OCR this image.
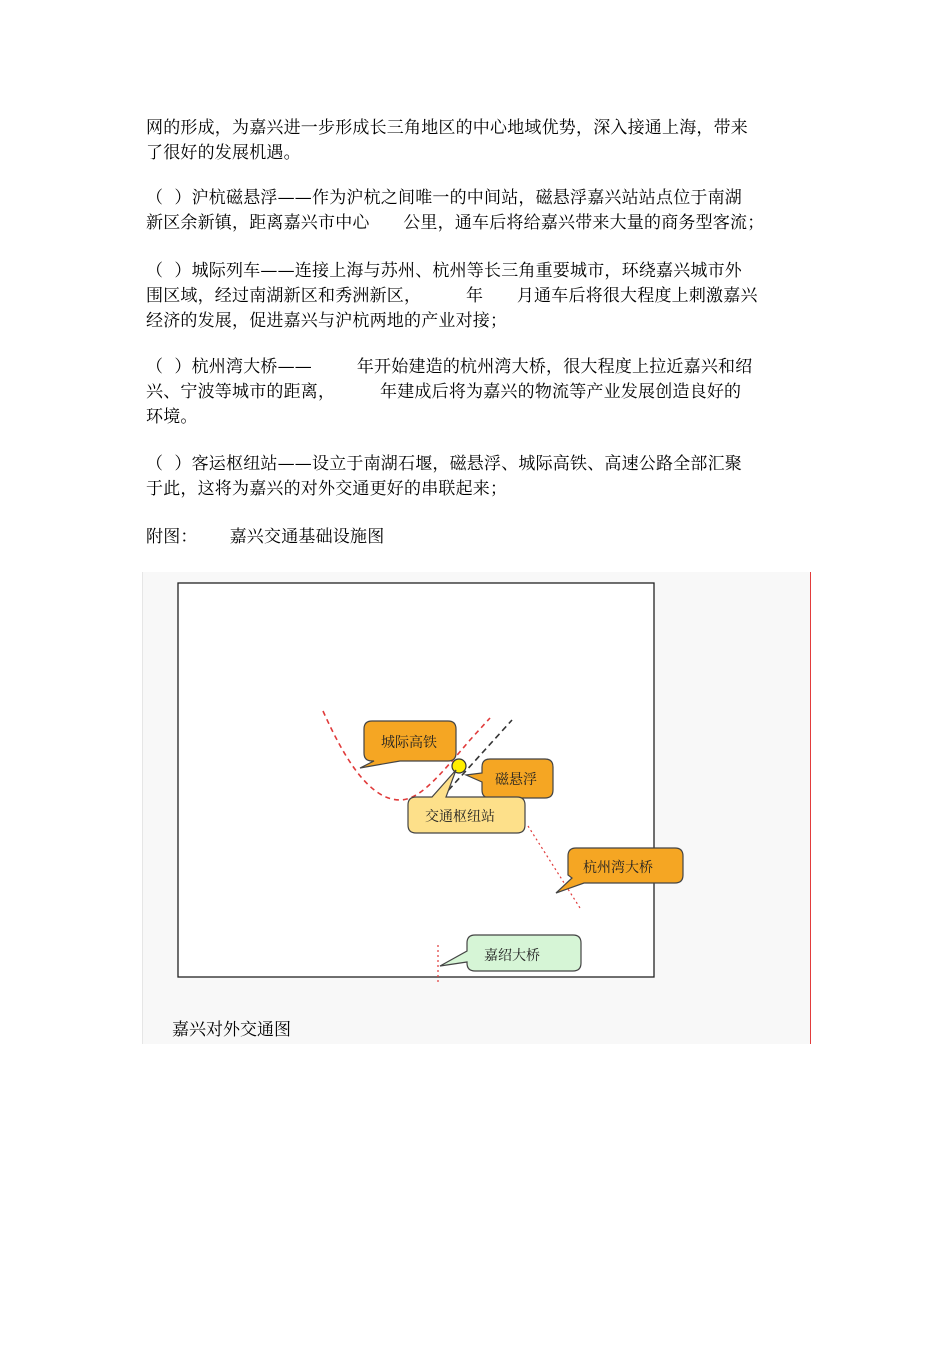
网的形成，为嘉兴进一步形成长三角地区的中心地域优势，深入接通上海，带来
了很好的发展机遇。
（  ）沪杭磁悬浮——作为沪杭之间唯一的中间站，磁悬浮嘉兴站站点位于南湖
新区余新镇，距离嘉兴市中心      公里，通车后将给嘉兴带来大量的商务型客流；
（  ）城际列车——连接上海与苏州、杭州等长三角重要城市，环绕嘉兴城市外
围区域，经过南湖新区和秀洲新区，        年      月通车后将很大程度上刺激嘉兴
经济的发展，促进嘉兴与沪杭两地的产业对接；
（  ）杭州湾大桥——        年开始建造的杭州湾大桥，很大程度上拉近嘉兴和绍
兴、宁波等城市的距离，        年建成后将为嘉兴的物流等产业发展创造良好的
环境。
（  ）客运枢纽站——设立于南湖石堰，磁悬浮、城际高铁、高速公路全部汇聚
于此，这将为嘉兴的对外交通更好的串联起来；
附图： 嘉兴交通基础设施图
城际高铁
磁悬浮
交通枢纽站
杭州湾大桥
嘉绍大桥
嘉兴对外交通图
